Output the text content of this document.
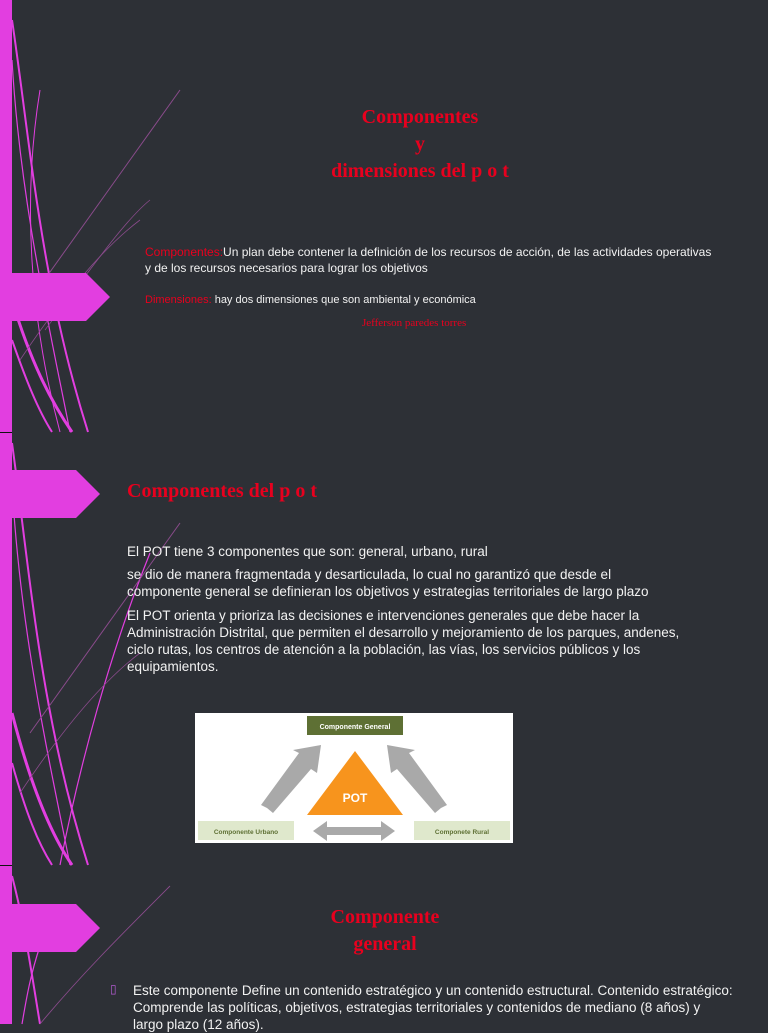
Componentes
y
dimensiones del p o t
Componentes:Un plan debe contener la definición de los recursos de acción, de las actividades operativas y de los recursos necesarios para lograr los objetivos
Dimensiones: hay dos dimensiones que son ambiental y económica
Jefferson paredes torres
Componentes del p o t

El POT tiene 3 componentes que son: general, urbano, rural

se dio de manera fragmentada y desarticulada, lo cual no garantizó que desde el componente general se definieran los objetivos y estrategias territoriales de largo plazo

El POT orienta y prioriza las decisiones e intervenciones generales que debe hacer la Administración Distrital, que permiten el desarrollo y mejoramiento de los parques, andenes, ciclo rutas, los centros de atención a la población, las vías, los servicios públicos y los equipamientos.

Componente General
POT
Componente Urbano	Componete Rural
Componente
general
▯ Este componente Define un contenido estratégico y un contenido estructural. Contenido estratégico: Comprende las políticas, objetivos, estrategias territoriales y contenidos de mediano (8 años) y largo plazo (12 años).
